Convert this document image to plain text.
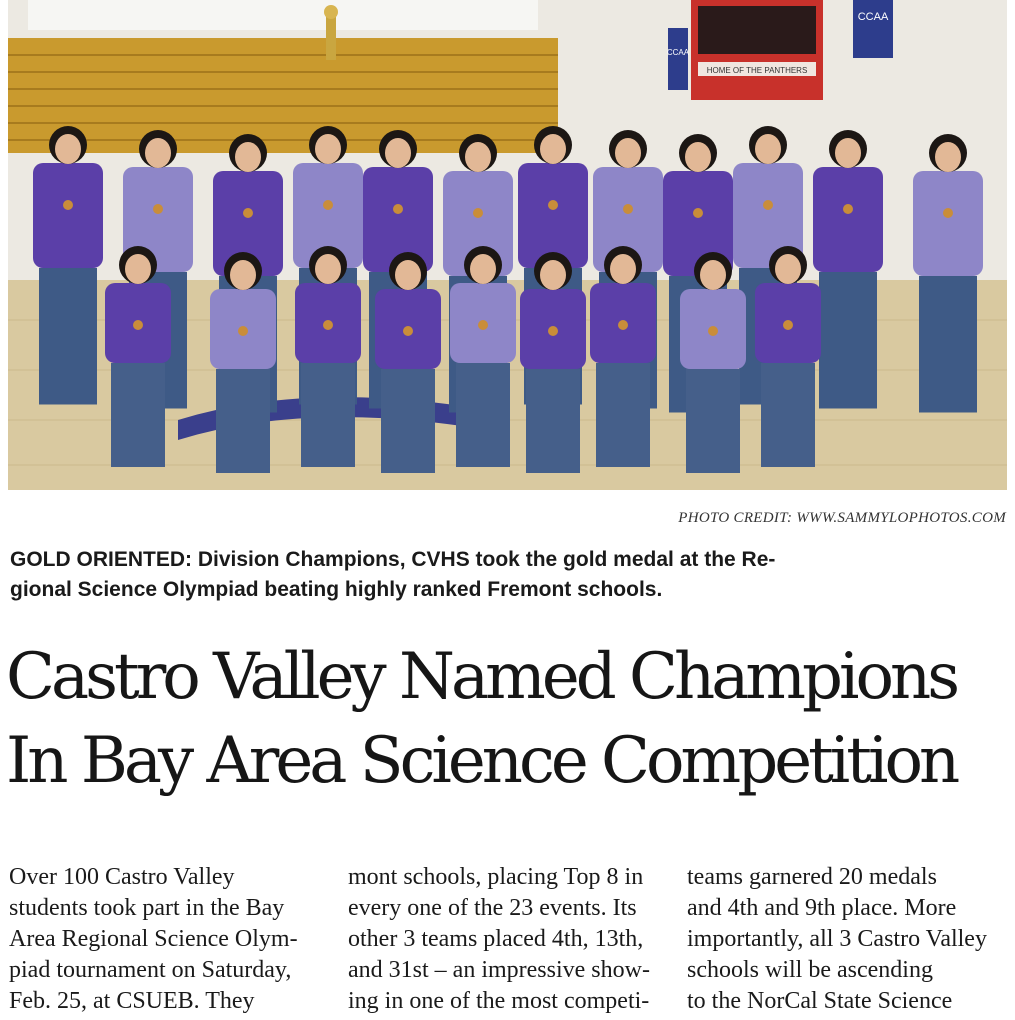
CCAA
CCAA
HOME OF THE PANTHERS
PHOTO CREDIT: WWW.SAMMYLOPHOTOS.COM
GOLD ORIENTED: Division Champions, CVHS took the gold medal at the Re-
gional Science Olympiad beating highly ranked Fremont schools.
Castro Valley Named Champions
In Bay Area Science Competition

Over 100 Castro Valley
students took part in the Bay
Area Regional Science Olym-
piad tournament on Saturday,
Feb. 25, at CSUEB. They

mont schools, placing Top 8 in
every one of the 23 events. Its
other 3 teams placed 4th, 13th,
and 31st – an impressive show-
ing in one of the most competi-

teams garnered 20 medals
and 4th and 9th place. More
importantly, all 3 Castro Valley
schools will be ascending
to the NorCal State Science
